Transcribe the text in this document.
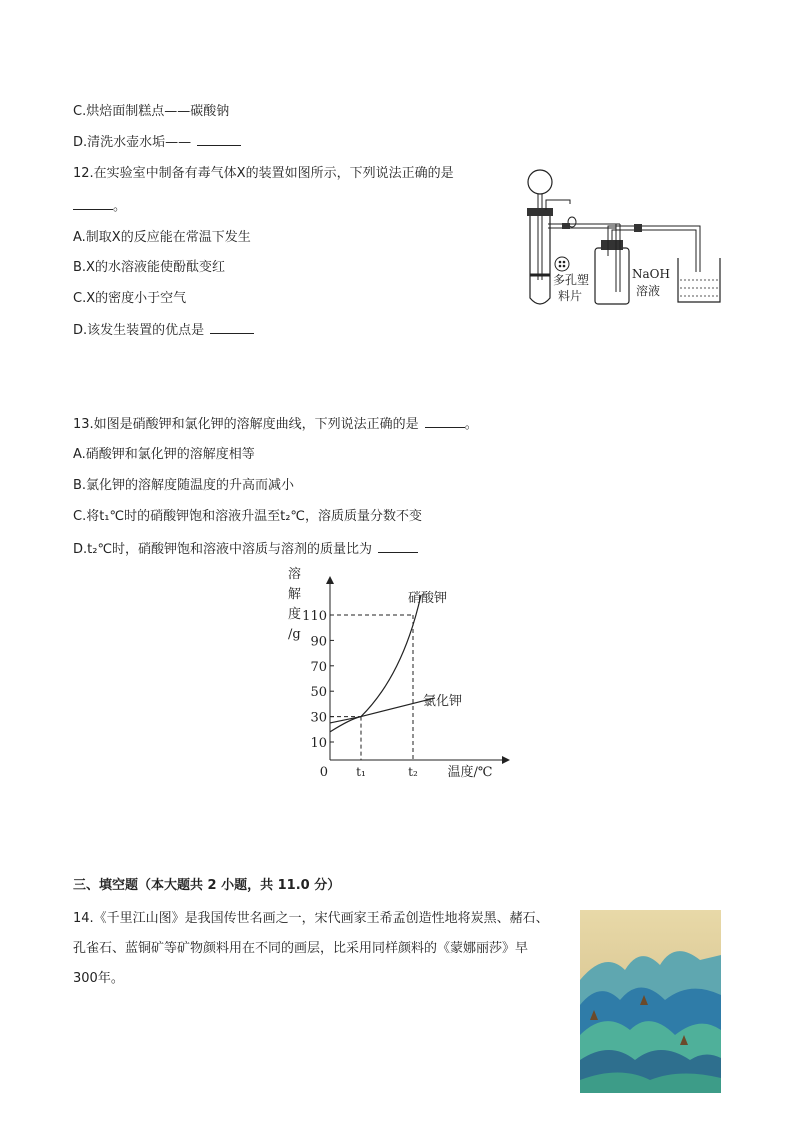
C.烘焙面制糕点——碳酸钠
D.清洗水壶水垢——
12.在实验室中制备有毒气体X的装置如图所示，下列说法正确的是
。
A.制取X的反应能在常温下发生
B.X的水溶液能使酚酞变红
C.X的密度小于空气
D.该发生装置的优点是
多孔塑
料片
NaOH
溶液
13.如图是硝酸钾和氯化钾的溶解度曲线，下列说法正确的是	。
A.硝酸钾和氯化钾的溶解度相等
B.氯化钾的溶解度随温度的升高而减小
C.将t₁℃时的硝酸钾饱和溶液升温至t₂℃，溶质质量分数不变
D.t₂℃时，硝酸钾饱和溶液中溶质与溶剂的质量比为
溶
解
度
/g
10
30
50
70
90
110
硝酸钾
氯化钾
0 t₁	t₂ 温度/℃
三、填空题（本大题共 2 小题，共 11.0 分）
14.《千里江山图》是我国传世名画之一，宋代画家王希孟创造性地将炭黑、赭石、
孔雀石、蓝铜矿等矿物颜料用在不同的画层，比采用同样颜料的《蒙娜丽莎》早
300年。
